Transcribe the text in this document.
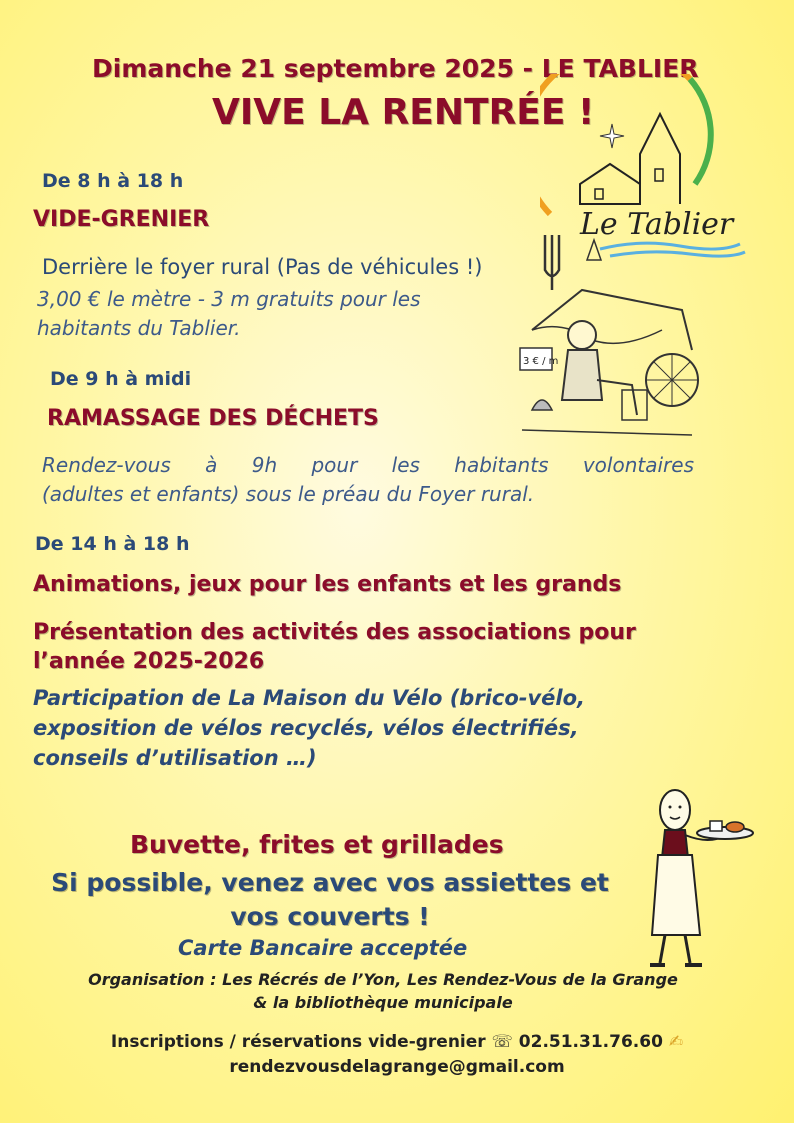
Dimanche 21 septembre 2025 - LE TABLIER
VIVE LA RENTRÉE !
Le Tablier
De 8 h à 18 h
VIDE-GRENIER
Derrière le foyer rural (Pas de véhicules !)
3,00 € le mètre - 3 m gratuits pour les
habitants du Tablier.
3 € / m
De 9 h à midi
RAMASSAGE DES DÉCHETS
Rendez-vous à 9h pour les habitants volontaires
(adultes et enfants) sous le préau du Foyer rural.
De 14 h à 18 h
Animations, jeux pour les enfants et les grands
Présentation des activités des associations pour
l’année 2025-2026
Participation de La Maison du Vélo (brico-vélo,
exposition de vélos recyclés, vélos électrifiés,
conseils d’utilisation …)
Buvette, frites et grillades
Si possible, venez avec vos assiettes et
vos couverts !
Carte Bancaire acceptée
Organisation : Les Récrés de l’Yon, Les Rendez-Vous de la Grange
& la bibliothèque municipale
Inscriptions / réservations vide-grenier ☏ 02.51.31.76.60 ✍
rendezvousdelagrange@gmail.com
